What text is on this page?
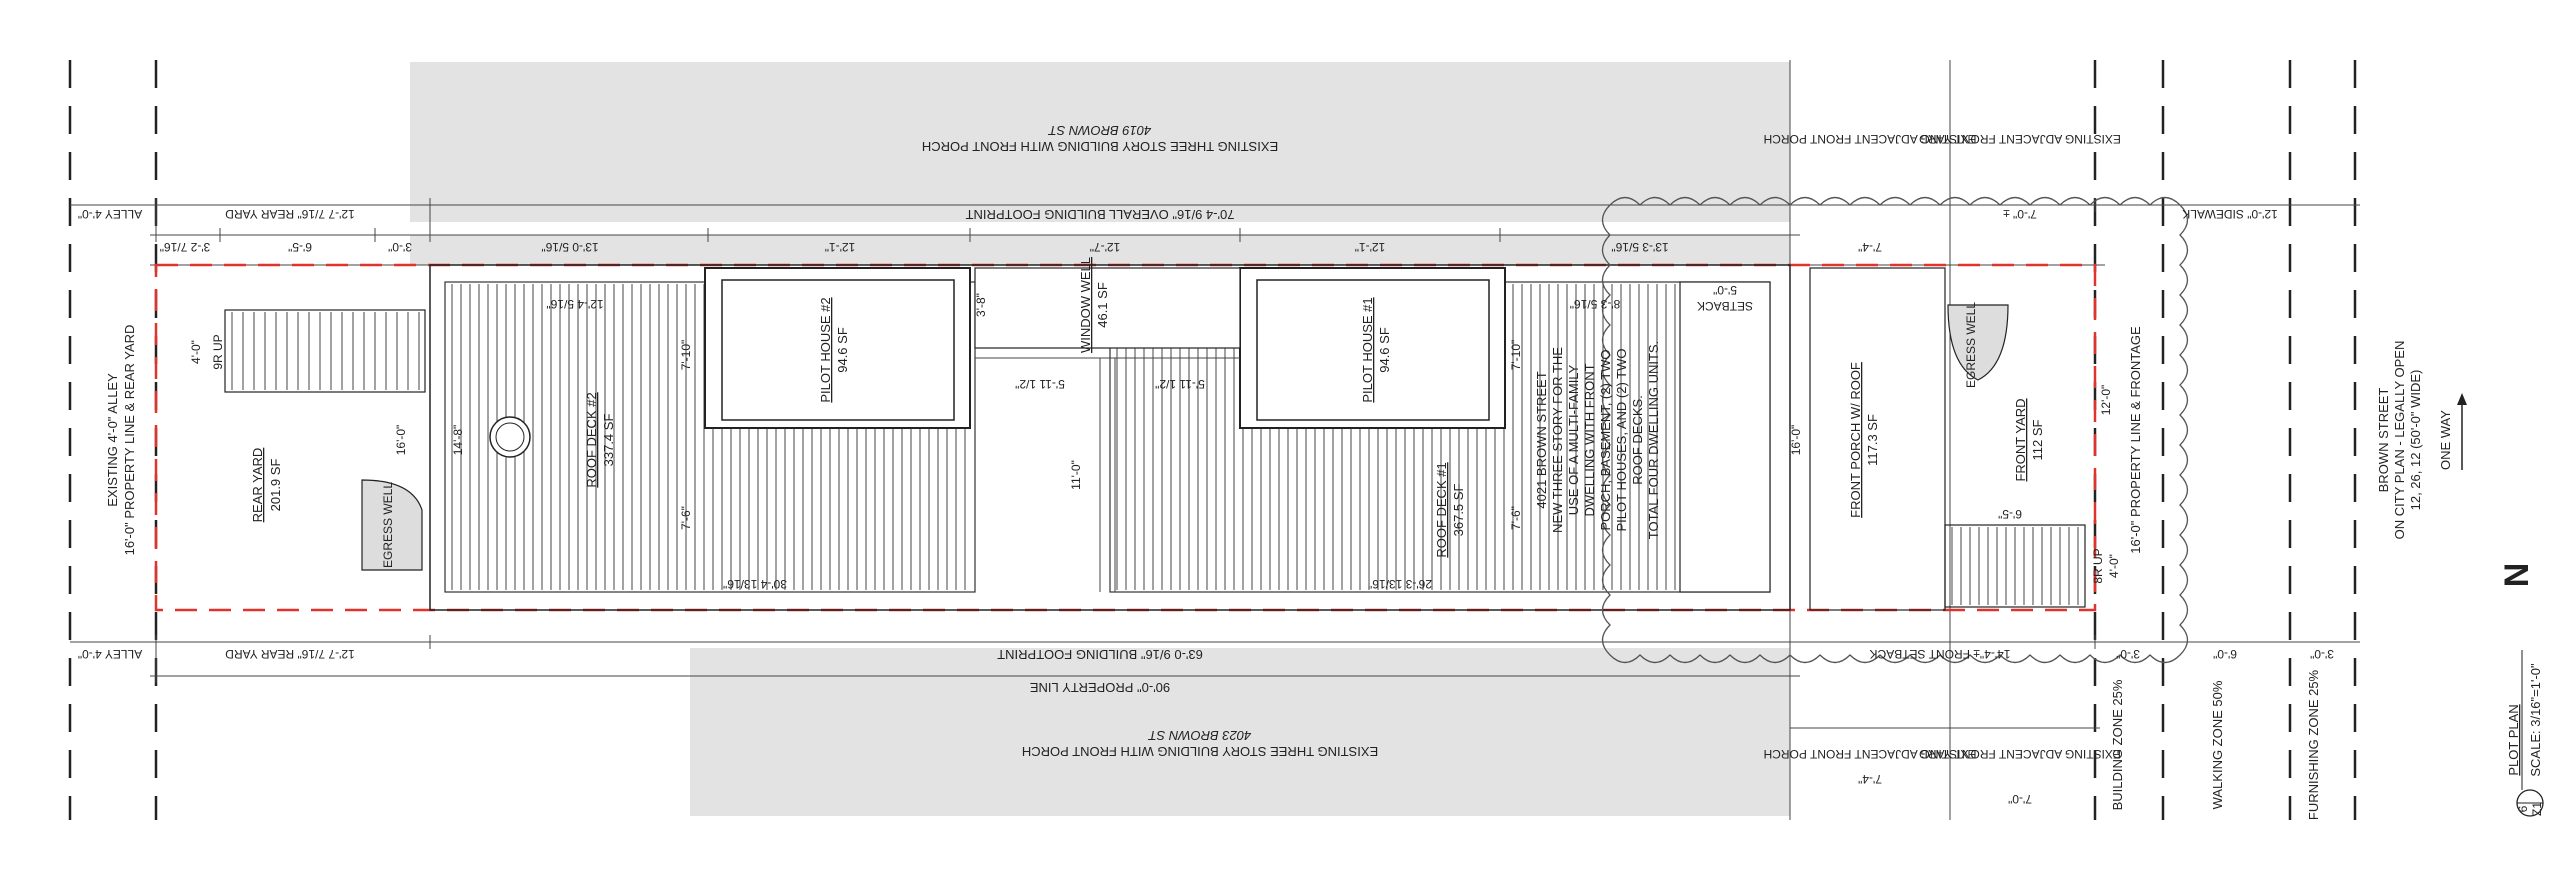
EXISTING THREE STORY BUILDING WITH FRONT PORCH
4019 BROWN ST
EXISTING THREE STORY BUILDING WITH FRONT PORCH
4023 BROWN ST
EXISTING ADJACENT FRONT PORCH
EXISTING ADJACENT FRONT YARD
EXISTING ADJACENT FRONT PORCH
EXISTING ADJACENT FRONT YARD
ALLEY 4'-0"	12'-7 7/16" REAR YARD	70'-4 9/16" OVERALL BUILDING FOOTPRINT	7'-0" ±	12'-0" SIDEWALK
3'-2 7/16"	6'-5"	3'-0"	13'-0 5/16"	12'-1"	12'-7"	12'-1"	13'-3 5/16"	7'-4"
ALLEY 4'-0"	12'-7 7/16" REAR YARD	63'-0 9/16" BUILDING FOOTPRINT	14'-4"± FRONT SETBACK
90'-0" PROPERTY LINE
7'-4"
7'-0"
EXISTING 4'-0" ALLEY 16'-0" PROPERTY LINE & REAR YARD	REAR YARD 201.9 SF
9R UP
4'-0"
EGRESS WELL
16'-0"	14'-8"	ROOF DECK #2 337.4 SF
7'-10"
7'-6"
PILOT HOUSE #2 94.6 SF
3'-8"	WINDOW WELL 46.1 SF
11'-0"
PILOT HOUSE #1 94.6 SF
ROOF DECK #1 367.5 SF
7'-10"
7'-6"
4021 BROWN STREET NEW THREE STORY FOR THE USE OF A MULTI-FAMILY DWELLING WITH FRONT PORCH, BASEMENT, (2) TWO PILOT HOUSES, AND (2) TWO ROOF DECKS. TOTAL FOUR DWELLING UNITS.
SETBACK
5'-0"
16'-0"	FRONT PORCH W/ ROOF 117.3 SF
EGRESS WELL
FRONT YARD 112 SF
12'-0"
8R UP 4'-0"
16'-0" PROPERTY LINE & FRONTAGE
12'-4 5/16"
30'-4 13/16"
5'-11 1/2"	5'-11 1/2"
26'-3 13/16"
8'-3 5/16"
6'-5"
BUILDING ZONE 25%
3'-0"
WALKING ZONE 50%
6'-0"
FURNISHING ZONE 25%
3'-0"
BROWN STREET ON CITY PLAN - LEGALLY OPEN 12, 26, 12 (50'-0" WIDE) ONE WAY
N
6 Z1
PLOT PLAN SCALE: 3/16"=1'-0"
